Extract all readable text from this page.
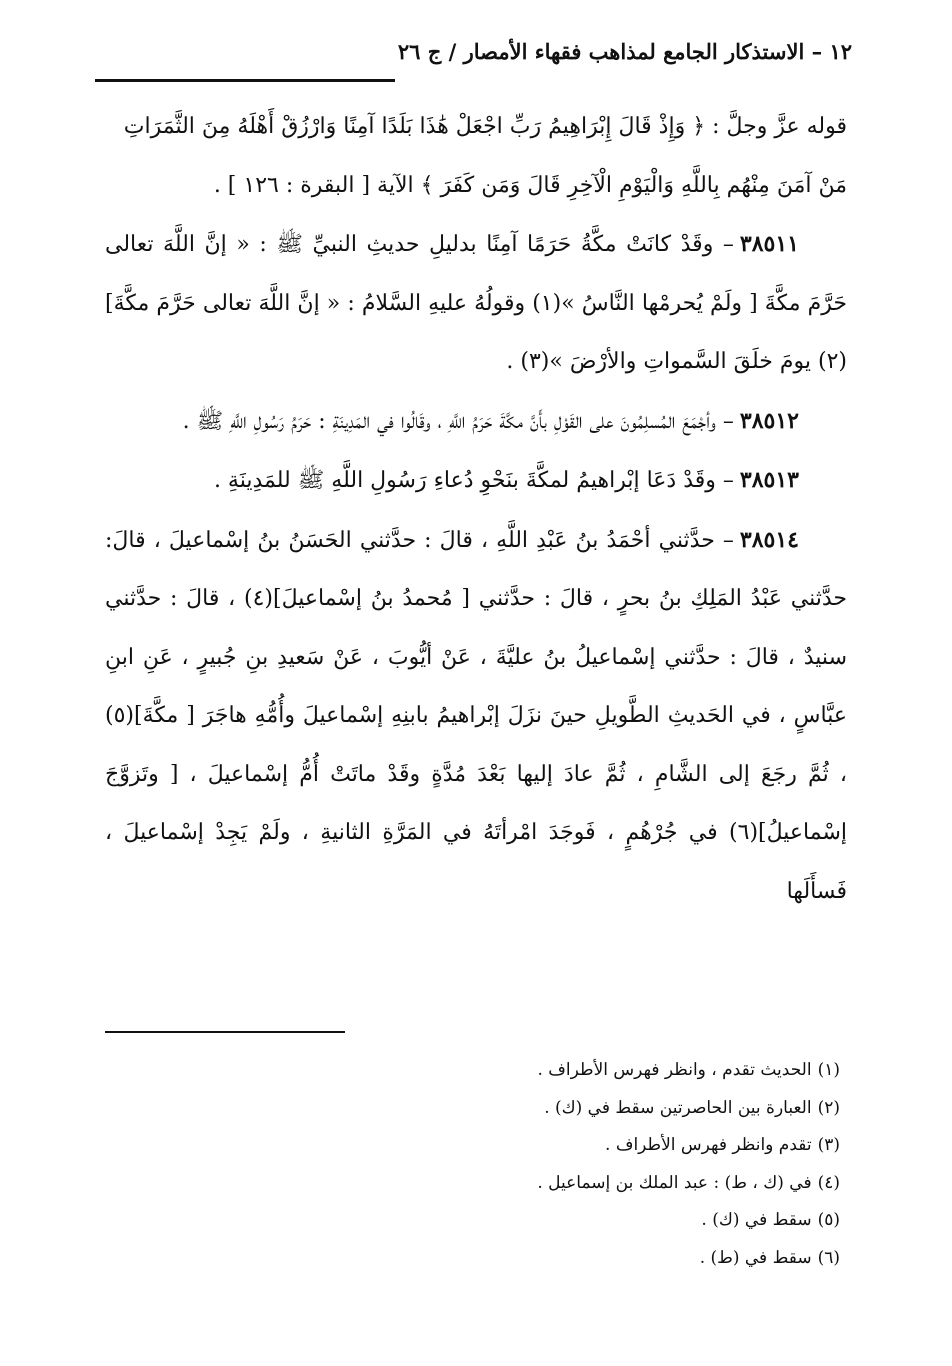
١٢ – الاستذكار الجامع لمذاهب فقهاء الأمصار / ج ٢٦

قوله عزَّ وجلَّ : ﴿ وَإِذْ قَالَ إِبْرَاهِيمُ رَبِّ اجْعَلْ هَٰذَا بَلَدًا آمِنًا وَارْزُقْ أَهْلَهُ مِنَ الثَّمَرَاتِ

مَنْ آمَنَ مِنْهُم بِاللَّهِ وَالْيَوْمِ الْآخِرِ قَالَ وَمَن كَفَرَ ﴾ الآية [ البقرة : ١٢٦ ] .

٣٨٥١١– وقَدْ كانَتْ مكَّةُ حَرَمًا آمِنًا بدليلِ حديثِ النبيِّ ﷺ : « إنَّ اللَّهَ تعالى حَرَّمَ مكَّةَ [ ولَمْ يُحرمْها النَّاسُ »(١) وقولُهُ عليهِ السَّلامُ : « إنَّ اللَّهَ تعالى حَرَّمَ مكَّةَ](٢) يومَ خلَقَ السَّمواتِ والأرْضَ »(٣) .

٣٨٥١٢– وأجْمَعَ المُسلِمُونَ على القَوْلِ بأَنَّ مكَّةَ حَرَمُ اللَّهِ ، وقَالُوا في المَدِينَةِ : حَرَمُ رَسُولِ اللَّهِ ﷺ .

٣٨٥١٣– وقَدْ دَعَا إبْراهيمُ لمكَّةَ بنَحْوِ دُعاءِ رَسُولِ اللَّهِ ﷺ للمَدِينَةِ .

٣٨٥١٤– حدَّثني أحْمَدُ بنُ عَبْدِ اللَّهِ ، قالَ : حدَّثني الحَسَنُ بنُ إسْماعيلَ ، قالَ: حدَّثني عَبْدُ المَلِكِ بنُ بحرٍ ، قالَ : حدَّثني [ مُحمدُ بنُ إسْماعيلَ](٤) ، قالَ : حدَّثني سنيدٌ ، قالَ : حدَّثني إسْماعيلُ بنُ عليَّةَ ، عَنْ أيُّوبَ ، عَنْ سَعيدِ بنِ جُبيرٍ ، عَنِ ابنِ عبَّاسٍ ، في الحَديثِ الطَّويلِ حينَ نزَلَ إبْراهيمُ بابنِهِ إسْماعيلَ وأُمُّهِ هاجَرَ [ مكَّةَ](٥) ، ثُمَّ رجَعَ إلى الشَّامِ ، ثُمَّ عادَ إليها بَعْدَ مُدَّةٍ وقَدْ ماتَتْ أُمُّ إسْماعيلَ ، [ وتَزوَّجَ إسْماعيلُ](٦) في جُرْهُمٍ ، فَوجَدَ امْرأتَهُ في المَرَّةِ الثانيةِ ، ولَمْ يَجِدْ إسْماعيلَ ، فَسأَلَها

(١)الحديث تقدم ، وانظر فهرس الأطراف .
(٢)العبارة بين الحاصرتين سقط في (ك) .
(٣)تقدم وانظر فهرس الأطراف .
(٤)في (ك ، ط) : عبد الملك بن إسماعيل .
(٥)سقط في (ك) .
(٦)سقط في (ط) .
